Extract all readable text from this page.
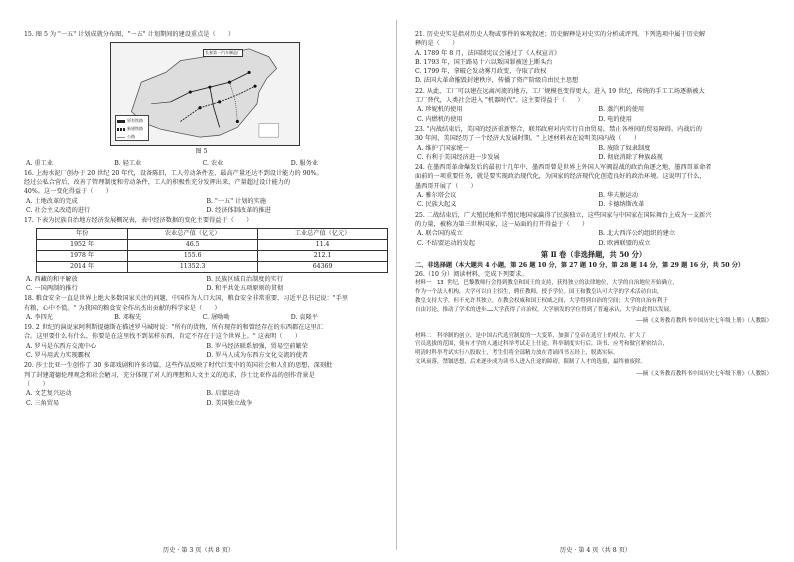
15. 图 5 为 "一五" 计划成就分布图，"一五" 计划期间的建设重点是（　　）
长春第一汽车制造厂
原有铁路
新建铁路
公路
图 5
A. 重工业	B. 轻工业	C. 农业	D. 服务业
16. 上海水泥厂创办于 20 世纪 20 年代，设备陈旧，工人劳动条件差，最高产量还达不到设计能力的 90%。
经过公私合营后，改善了管理制度和劳动条件，工人的积极性充分发挥出来，产量超过设计能力的
40%。这一变化得益于（　　）
A. 土地改革的完成	B. "一五" 计划的实施
C. 社会主义改造的进行	D. 经济体制改革的推进
17. 下表为民族自治地方经济发展概况表，表中经济数据的变化主要得益于（　　）
年份	农业总产值（亿元）	工业总产值（亿元）
1952 年	46.5	11.4
1978 年	155.6	212.1
2014 年	11352.3	64369
A. 西藏的和平解放	B. 民族区域自治制度的实行
C. 一国两制的推行	D. 和平共处五项原则的贯彻
18. 粮食安全一直是世界上绝大多数国家关注的问题，中国作为人口大国，粮食安全非常重要，习近平总书记说："手里
有粮，心中不慌。" 为我国的粮食安全作出杰出贡献的科学家是（　　）
A. 李四光	B. 邓稼先	C. 屠呦呦	D. 袁隆平
19. 2 世纪的演说家阿利斯提德斯在描述罗马城时说："所有的货物，所有现存的和曾经存在的东西都在这里汇
合。这里要什么有什么，你要是在这里找不到某样东西，肯定不存在于这个世界上。" 这表明（　　）
A. 罗马是东西方交流中心	B. 罗马经济联系加强，贸易空前繁荣
C. 罗马用武力实现霸权	D. 罗马人成为东西方文化交流的使者
20. 莎士比亚一生创作了 30 多部戏剧和许多诗篇，这些作品反映了时代巨变中的英国社会和人们的思想，深刻批
判了封建道德伦理观念和社会陋习，充分体现了对人的理想和人文主义的追求，莎士比亚作品的创作背景是
（　　）
A. 文艺复兴运动	B. 启蒙运动
C. 三角贸易	D. 美国独立战争
历史 · 第 3 页（共 8 页）
21. 历史史实是指对历史人物或事件的客观叙述；历史解释是对史实的分析或评判。下列选项中属于历史解
释的是（　　）
A. 1789 年 8 月，法国制宪议会通过了《人权宣言》
B. 1793 年，国王路易十六以叛国罪被送上断头台
C. 1799 年，拿破仑发动雾月政变，夺取了政权
D. 法国大革命摧毁封建秩序，传播了资产阶级自由民主思想
22. 从此，工厂可以建在远离河流的地方，工厂规模也变得更大。进入 19 世纪，传统的手工工场逐渐被大
工厂替代，人类社会进入 "机器时代"。这主要得益于（　　）
A. 珍妮机的使用	B. 蒸汽机的使用
C. 内燃机的使用	D. 电的使用
23. "内战结束后，美国的经济重新整合，联邦政府对内实行自由贸易，禁止各州间的贸易障碍。内战后的
30 年间，美国经历了一个经济大发展时期。" 上述材料表在说明美国内战（　　）
A. 维护了国家统一	B. 废除了奴隶制度
C. 有利于美国经济进一步发展	D. 彻底消除了种族歧视
24. 在墨西哥革命爆发后的最初十几年中，墨西哥曾是世界上外国人军阀混战的政治角逐之地，墨西哥革命者
面前的一项重要任务，就是要实现政治现代化，为国家的经济现代化创造良好的政治环境。这说明了什么，
墨西哥开展了（　　）
A. 雅尔塔会议	B. 华夫脱运动
C. 民族大起义	D. 卡德纳斯改革
25. 二战结束后，广大殖民地和半殖民地国家赢得了民族独立，这些国家与中国家在国际舞台上成为一支新兴
的力量，被称为第三世界国家，这一局面的打开得益于（　　）
A. 联合国的成立	B. 北大西洋公约组织的建立
C. 不结盟运动的发起	D. 欧洲联盟的成立
第 Ⅱ 卷（非选择题，共 50 分）
二、非选择题（本大题共 4 小题，第 26 题 10 分，第 27 题 10 分，第 28 题 14 分，第 29 题 16 分，共 50 分）
26.（10 分）阅读材料，完成下列要求。
材料一　13 世纪，巴黎教师行会得到教皇和国王的支持，获得独立的法律地位，大学的自治地位开始确立，
作为一个法人机构，大学可以自主招生，聘任教师，授予学位。国王和教皇认可大学的学术活动自由，
教皇支持大学，但不允许其独立，在教会权威和国王权威之间，大学得到自治的空间；大学的自治有利于
自由讨论，推动了学术的进步……大学获得了自治权，大学颁发的学位得到了普遍承认，大学由此得以发展。
——摘《义务教育教科书中国历史七年级上册》（人教版）
材料二　科举制的创立，是中国古代选官制度的一大变革，加强了皇帝在选官上的权力，扩大了
官员选拔的范围，使有才学的人通过科举考试走上仕途。科举制度实行后，读书、应考和做官紧密结合，
明清时科举考试实行八股取士，考生们将全部精力放在背诵四书五经上，脱离实际。
文风衰落，禁锢思想，后来逐步成为读书人进入仕途的障碍，限制了人才的选拔，最终被废除。
——摘《义务教育教科书中国历史七年级下册》（人教版）
历史 · 第 4 页（共 8 页）
